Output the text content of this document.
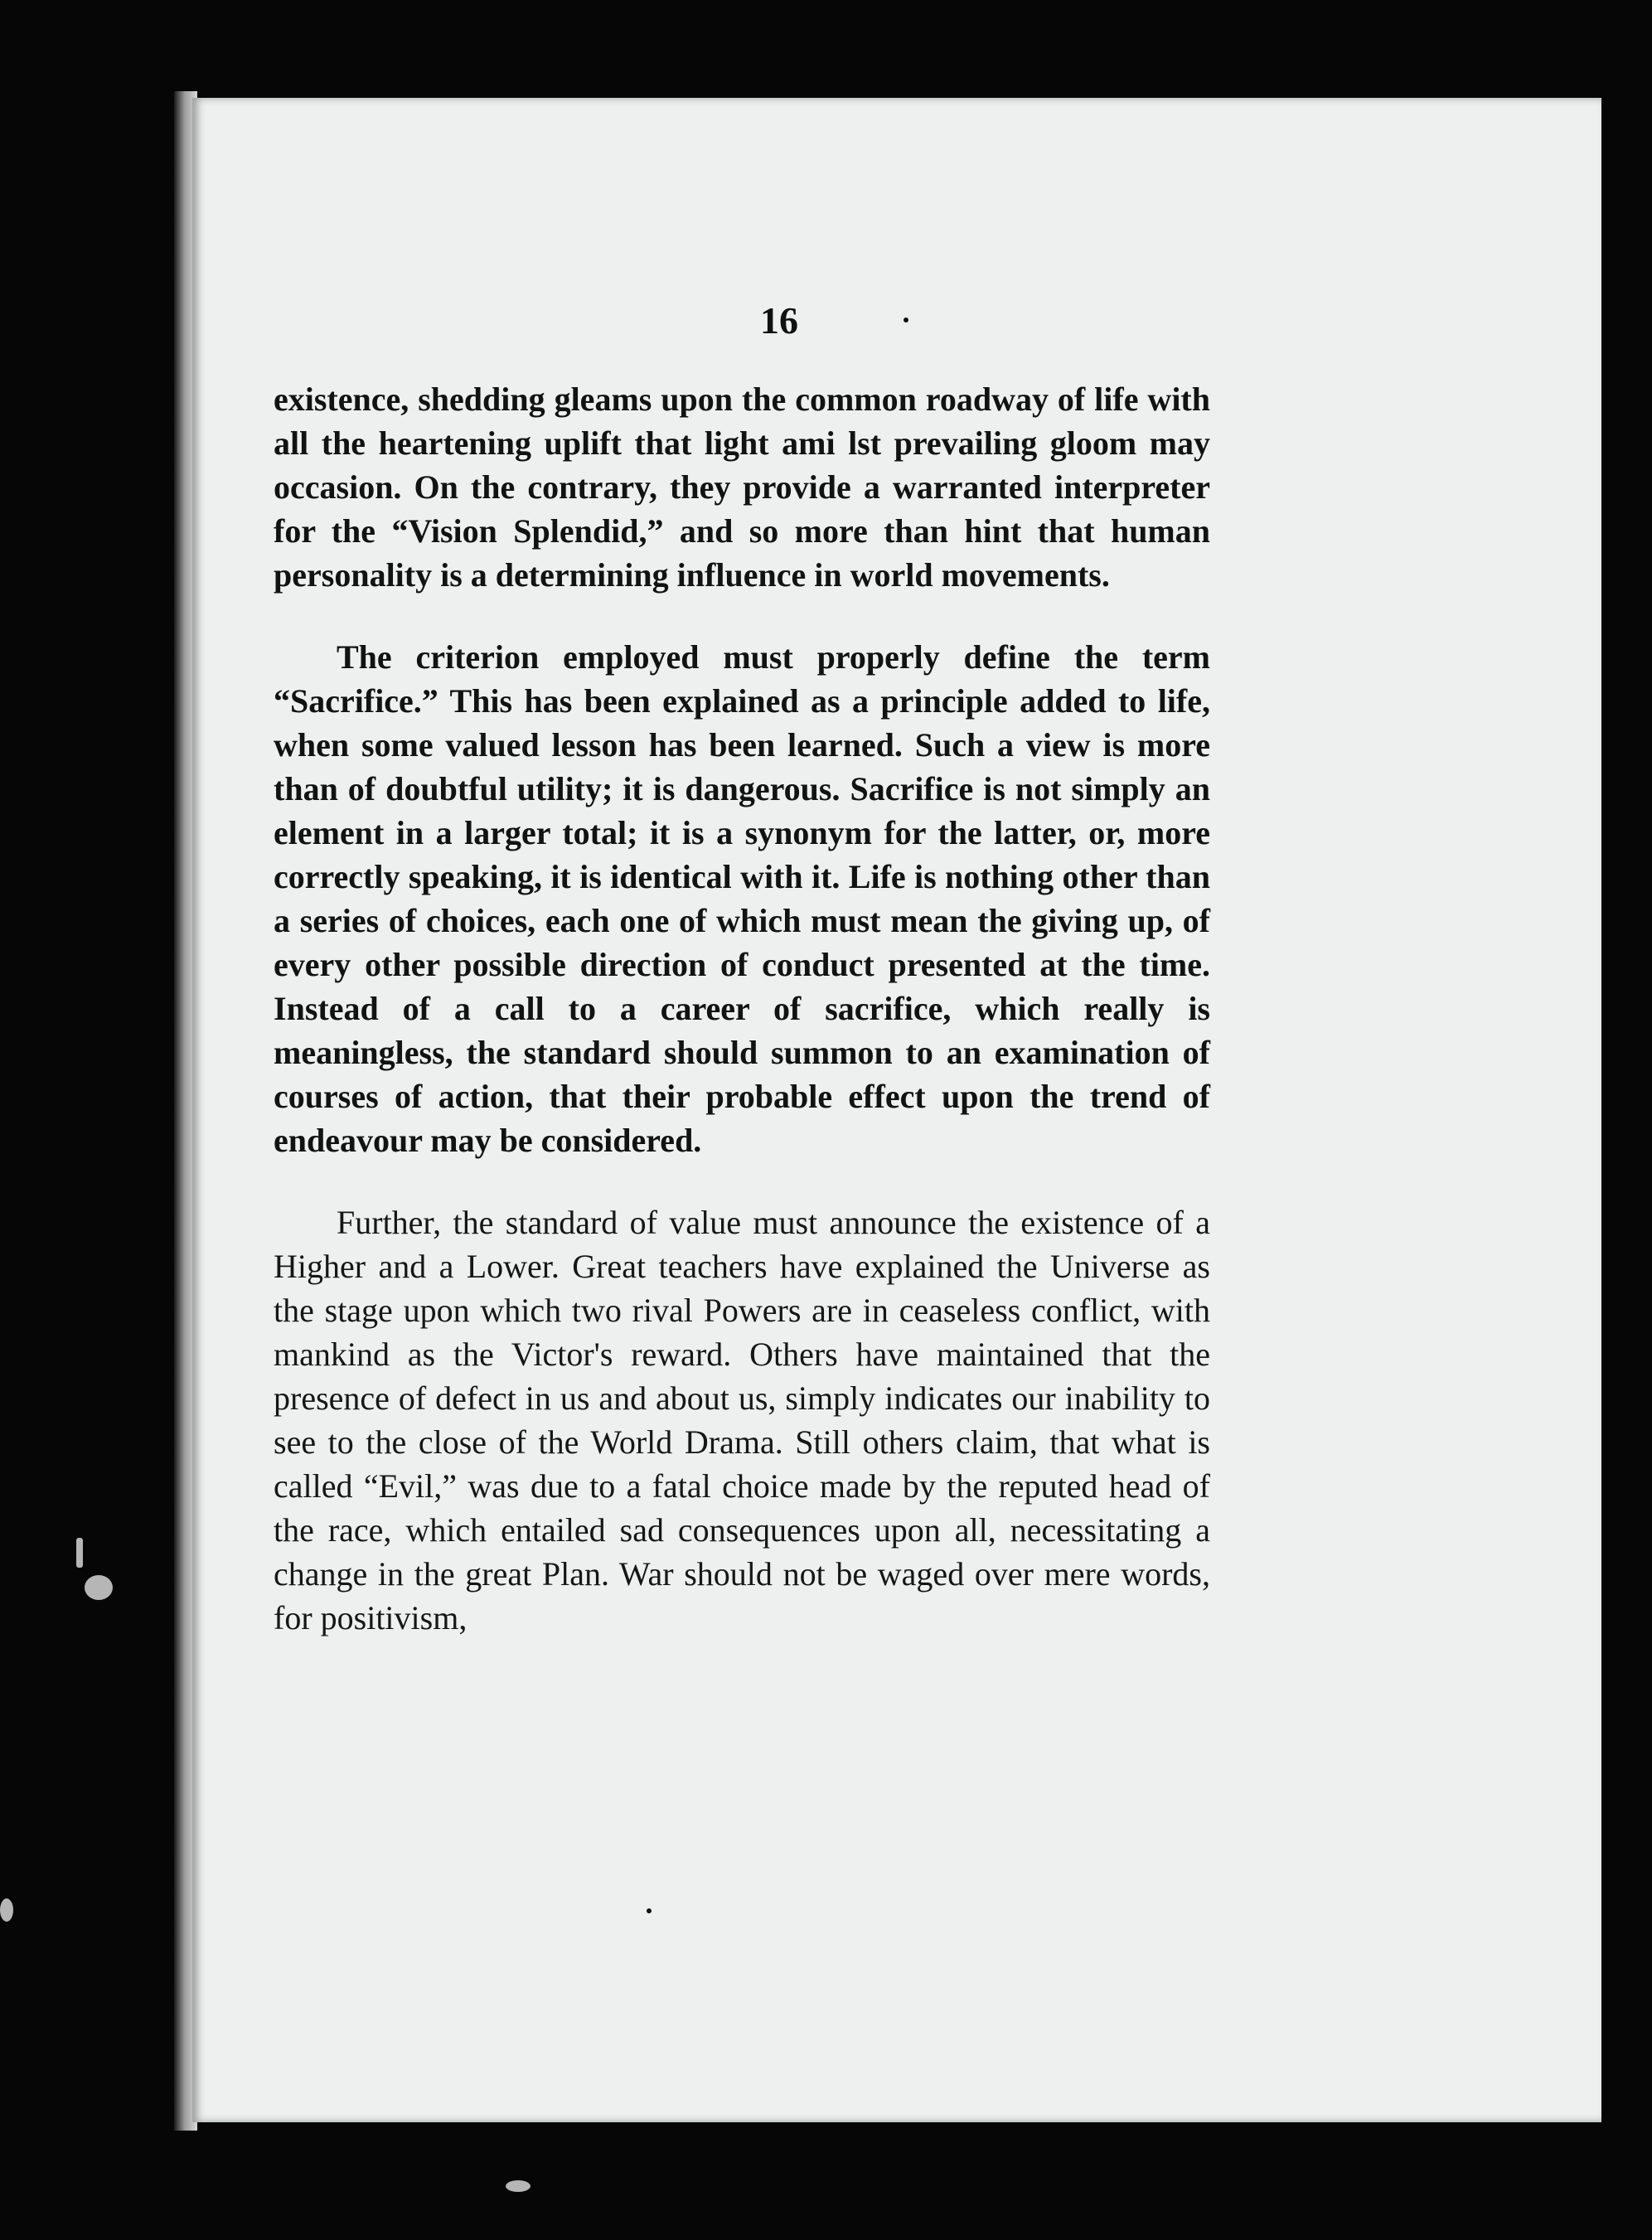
16

existence, shedding gleams upon the common roadway of life with all the heartening uplift that light ami lst prevailing gloom may occasion. On the contrary, they provide a warranted interpreter for the “Vision Splendid,” and so more than hint that human personality is a determining influence in world movements.

The criterion employed must properly define the term “Sacrifice.” This has been explained as a principle added to life, when some valued lesson has been learned. Such a view is more than of doubtful utility; it is dangerous. Sacrifice is not simply an element in a larger total; it is a synonym for the latter, or, more correctly speaking, it is identical with it. Life is nothing other than a series of choices, each one of which must mean the giving up, of every other possible direction of conduct presented at the time. Instead of a call to a career of sacrifice, which really is meaningless, the standard should summon to an examination of courses of action, that their probable effect upon the trend of endeavour may be considered.

Further, the standard of value must announce the existence of a Higher and a Lower. Great teachers have explained the Universe as the stage upon which two rival Powers are in ceaseless conflict, with mankind as the Victor's reward. Others have maintained that the presence of defect in us and about us, simply indicates our inability to see to the close of the World Drama. Still others claim, that what is called “Evil,” was due to a fatal choice made by the reputed head of the race, which entailed sad consequences upon all, necessitating a change in the great Plan. War should not be waged over mere words, for positivism,
